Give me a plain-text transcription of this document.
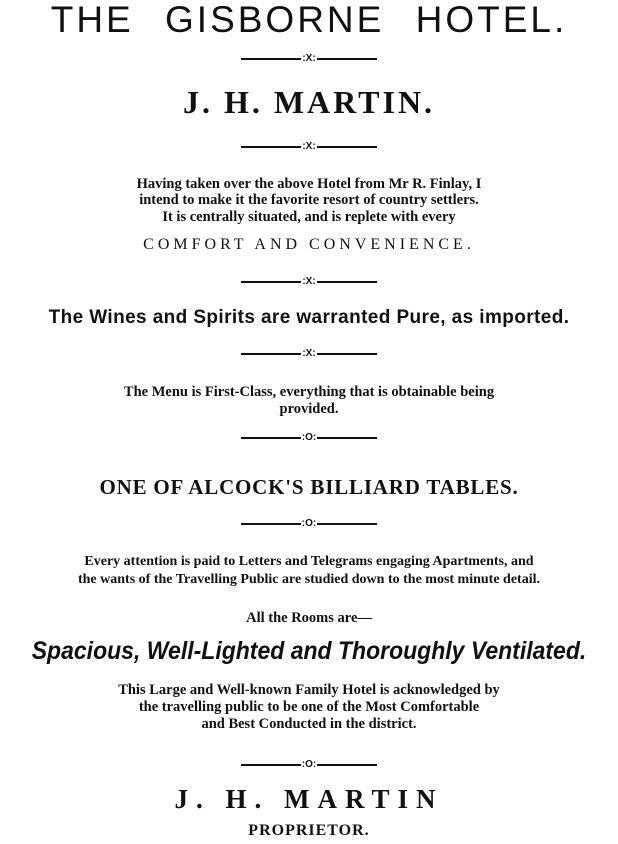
THE GISBORNE HOTEL.
:X:
J. H. MARTIN.
:X:
Having taken over the above Hotel from Mr R. Finlay, I
intend to make it the favorite resort of country settlers.
It is centrally situated, and is replete with every
COMFORT AND CONVENIENCE.
:X:
The Wines and Spirits are warranted Pure, as imported.
:X:
The Menu is First-Class, everything that is obtainable being
provided.
:O:
ONE OF ALCOCK'S BILLIARD TABLES.
:O:
Every attention is paid to Letters and Telegrams engaging Apartments, and
the wants of the Travelling Public are studied down to the most minute detail.
All the Rooms are—
Spacious, Well-Lighted and Thoroughly Ventilated.
This Large and Well-known Family Hotel is acknowledged by
the travelling public to be one of the Most Comfortable
and Best Conducted in the district.
:O:
J. H. MARTIN
PROPRIETOR.
